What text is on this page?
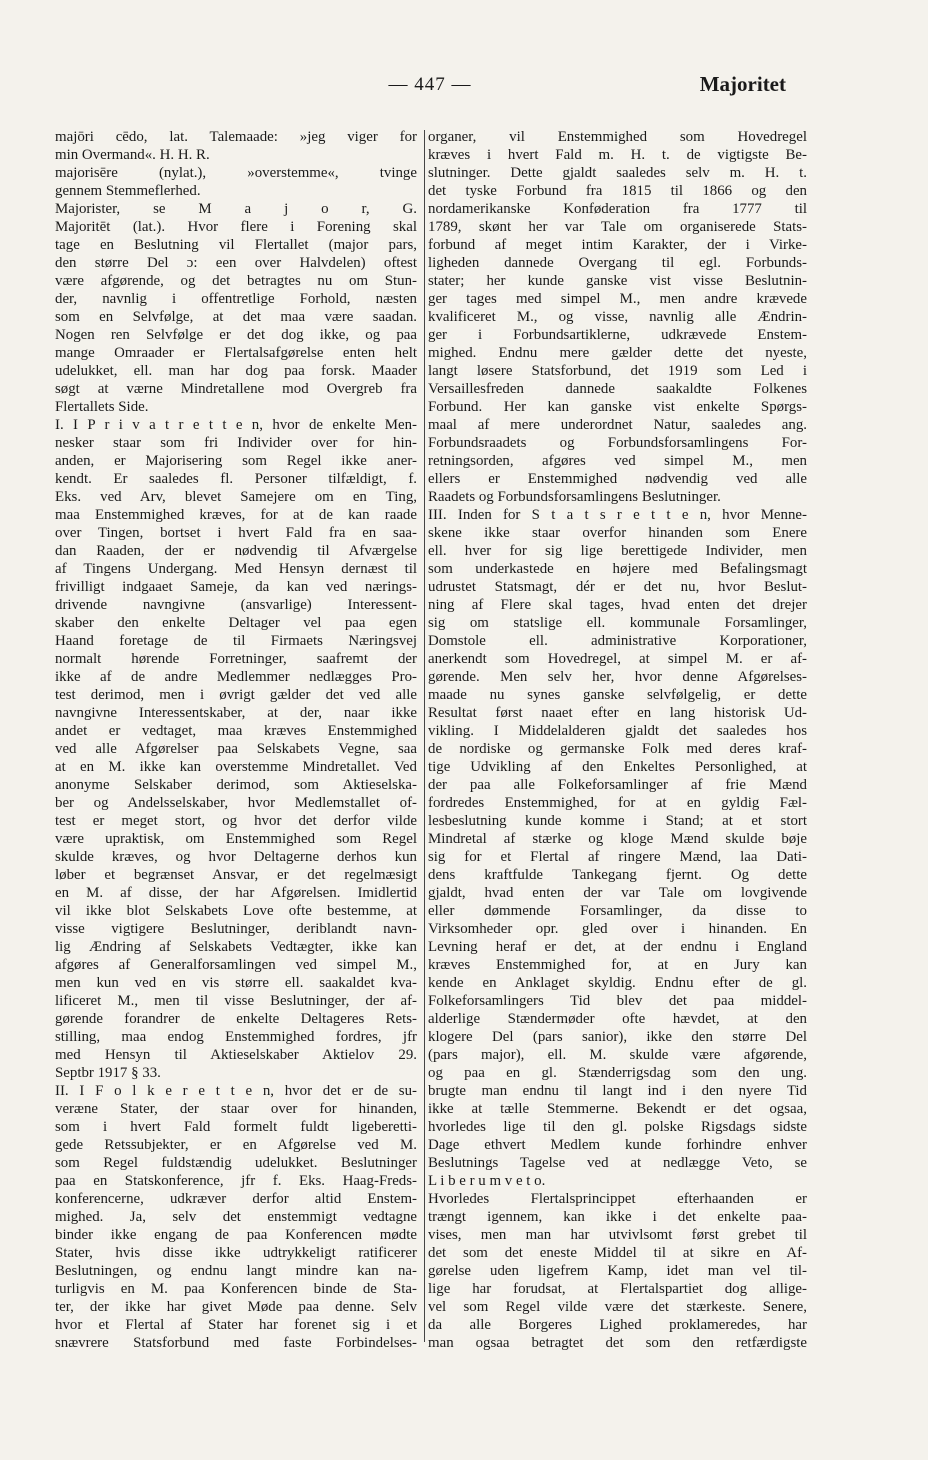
— 447 —	Majoritet
majōri cēdo, lat. Talemaade: »jeg viger for
min Overmand«. H. H. R.
majorisēre (nylat.), »overstemme«, tvinge
gennem Stemmeflerhed.
Majorister, se M a j o r, G.
Majoritēt (lat.). Hvor flere i Forening skal
tage en Beslutning vil Flertallet (major pars,
den større Del ɔ: een over Halvdelen) oftest
være afgørende, og det betragtes nu om Stun-
der, navnlig i offentretlige Forhold, næsten
som en Selvfølge, at det maa være saadan.
Nogen ren Selvfølge er det dog ikke, og paa
mange Omraader er Flertalsafgørelse enten helt
udelukket, ell. man har dog paa forsk. Maader
søgt at værne Mindretallene mod Overgreb fra
Flertallets Side.
I. I P r i v a t r e t t e n, hvor de enkelte Men-
nesker staar som fri Individer over for hin-
anden, er Majorisering som Regel ikke aner-
kendt. Er saaledes fl. Personer tilfældigt, f.
Eks. ved Arv, blevet Samejere om en Ting,
maa Enstemmighed kræves, for at de kan raade
over Tingen, bortset i hvert Fald fra en saa-
dan Raaden, der er nødvendig til Afværgelse
af Tingens Undergang. Med Hensyn dernæst til
frivilligt indgaaet Sameje, da kan ved nærings-
drivende navngivne (ansvarlige) Interessent-
skaber den enkelte Deltager vel paa egen
Haand foretage de til Firmaets Næringsvej
normalt hørende Forretninger, saafremt der
ikke af de andre Medlemmer nedlægges Pro-
test derimod, men i øvrigt gælder det ved alle
navngivne Interessentskaber, at der, naar ikke
andet er vedtaget, maa kræves Enstemmighed
ved alle Afgørelser paa Selskabets Vegne, saa
at en M. ikke kan overstemme Mindretallet. Ved
anonyme Selskaber derimod, som Aktieselska-
ber og Andelsselskaber, hvor Medlemstallet of-
test er meget stort, og hvor det derfor vilde
være upraktisk, om Enstemmighed som Regel
skulde kræves, og hvor Deltagerne derhos kun
løber et begrænset Ansvar, er det regelmæsigt
en M. af disse, der har Afgørelsen. Imidlertid
vil ikke blot Selskabets Love ofte bestemme, at
visse vigtigere Beslutninger, deriblandt navn-
lig Ændring af Selskabets Vedtægter, ikke kan
afgøres af Generalforsamlingen ved simpel M.,
men kun ved en vis større ell. saakaldet kva-
lificeret M., men til visse Beslutninger, der af-
gørende forandrer de enkelte Deltageres Rets-
stilling, maa endog Enstemmighed fordres, jfr
med Hensyn til Aktieselskaber Aktielov 29.
Septbr 1917 § 33.
II. I F o l k e r e t t e n, hvor det er de su-
veræne Stater, der staar over for hinanden,
som i hvert Fald formelt fuldt ligeberetti-
gede Retssubjekter, er en Afgørelse ved M.
som Regel fuldstændig udelukket. Beslutninger
paa en Statskonference, jfr f. Eks. Haag-Freds-
konferencerne, udkræver derfor altid Enstem-
mighed. Ja, selv det enstemmigt vedtagne
binder ikke engang de paa Konferencen mødte
Stater, hvis disse ikke udtrykkeligt ratificerer
Beslutningen, og endnu langt mindre kan na-
turligvis en M. paa Konferencen binde de Sta-
ter, der ikke har givet Møde paa denne. Selv
hvor et Flertal af Stater har forenet sig i et
snævrere Statsforbund med faste Forbindelses-
organer, vil Enstemmighed som Hovedregel
kræves i hvert Fald m. H. t. de vigtigste Be-
slutninger. Dette gjaldt saaledes selv m. H. t.
det tyske Forbund fra 1815 til 1866 og den
nordamerikanske Konføderation fra 1777 til
1789, skønt her var Tale om organiserede Stats-
forbund af meget intim Karakter, der i Virke-
ligheden dannede Overgang til egl. Forbunds-
stater; her kunde ganske vist visse Beslutnin-
ger tages med simpel M., men andre krævede
kvalificeret M., og visse, navnlig alle Ændrin-
ger i Forbundsartiklerne, udkrævede Enstem-
mighed. Endnu mere gælder dette det nyeste,
langt løsere Statsforbund, det 1919 som Led i
Versaillesfreden dannede saakaldte Folkenes
Forbund. Her kan ganske vist enkelte Spørgs-
maal af mere underordnet Natur, saaledes ang.
Forbundsraadets og Forbundsforsamlingens For-
retningsorden, afgøres ved simpel M., men
ellers er Enstemmighed nødvendig ved alle
Raadets og Forbundsforsamlingens Beslutninger.
III. Inden for S t a t s r e t t e n, hvor Menne-
skene ikke staar overfor hinanden som Enere
ell. hver for sig lige berettigede Individer, men
som underkastede en højere med Befalingsmagt
udrustet Statsmagt, dér er det nu, hvor Beslut-
ning af Flere skal tages, hvad enten det drejer
sig om statslige ell. kommunale Forsamlinger,
Domstole ell. administrative Korporationer,
anerkendt som Hovedregel, at simpel M. er af-
gørende. Men selv her, hvor denne Afgørelses-
maade nu synes ganske selvfølgelig, er dette
Resultat først naaet efter en lang historisk Ud-
vikling. I Middelalderen gjaldt det saaledes hos
de nordiske og germanske Folk med deres kraf-
tige Udvikling af den Enkeltes Personlighed, at
der paa alle Folkeforsamlinger af frie Mænd
fordredes Enstemmighed, for at en gyldig Fæl-
lesbeslutning kunde komme i Stand; at et stort
Mindretal af stærke og kloge Mænd skulde bøje
sig for et Flertal af ringere Mænd, laa Dati-
dens kraftfulde Tankegang fjernt. Og dette
gjaldt, hvad enten der var Tale om lovgivende
eller dømmende Forsamlinger, da disse to
Virksomheder opr. gled over i hinanden. En
Levning heraf er det, at der endnu i England
kræves Enstemmighed for, at en Jury kan
kende en Anklaget skyldig. Endnu efter de gl.
Folkeforsamlingers Tid blev det paa middel-
alderlige Stændermøder ofte hævdet, at den
klogere Del (pars sanior), ikke den større Del
(pars major), ell. M. skulde være afgørende,
og paa en gl. Stænderrigsdag som den ung.
brugte man endnu til langt ind i den nyere Tid
ikke at tælle Stemmerne. Bekendt er det ogsaa,
hvorledes lige til den gl. polske Rigsdags sidste
Dage ethvert Medlem kunde forhindre enhver
Beslutnings Tagelse ved at nedlægge Veto, se
L i b e r u m v e t o.
Hvorledes Flertalsprincippet efterhaanden er
trængt igennem, kan ikke i det enkelte paa-
vises, men man har utvivlsomt først grebet til
det som det eneste Middel til at sikre en Af-
gørelse uden ligefrem Kamp, idet man vel til-
lige har forudsat, at Flertalspartiet dog allige-
vel som Regel vilde være det stærkeste. Senere,
da alle Borgeres Lighed proklameredes, har
man ogsaa betragtet det som den retfærdigste
